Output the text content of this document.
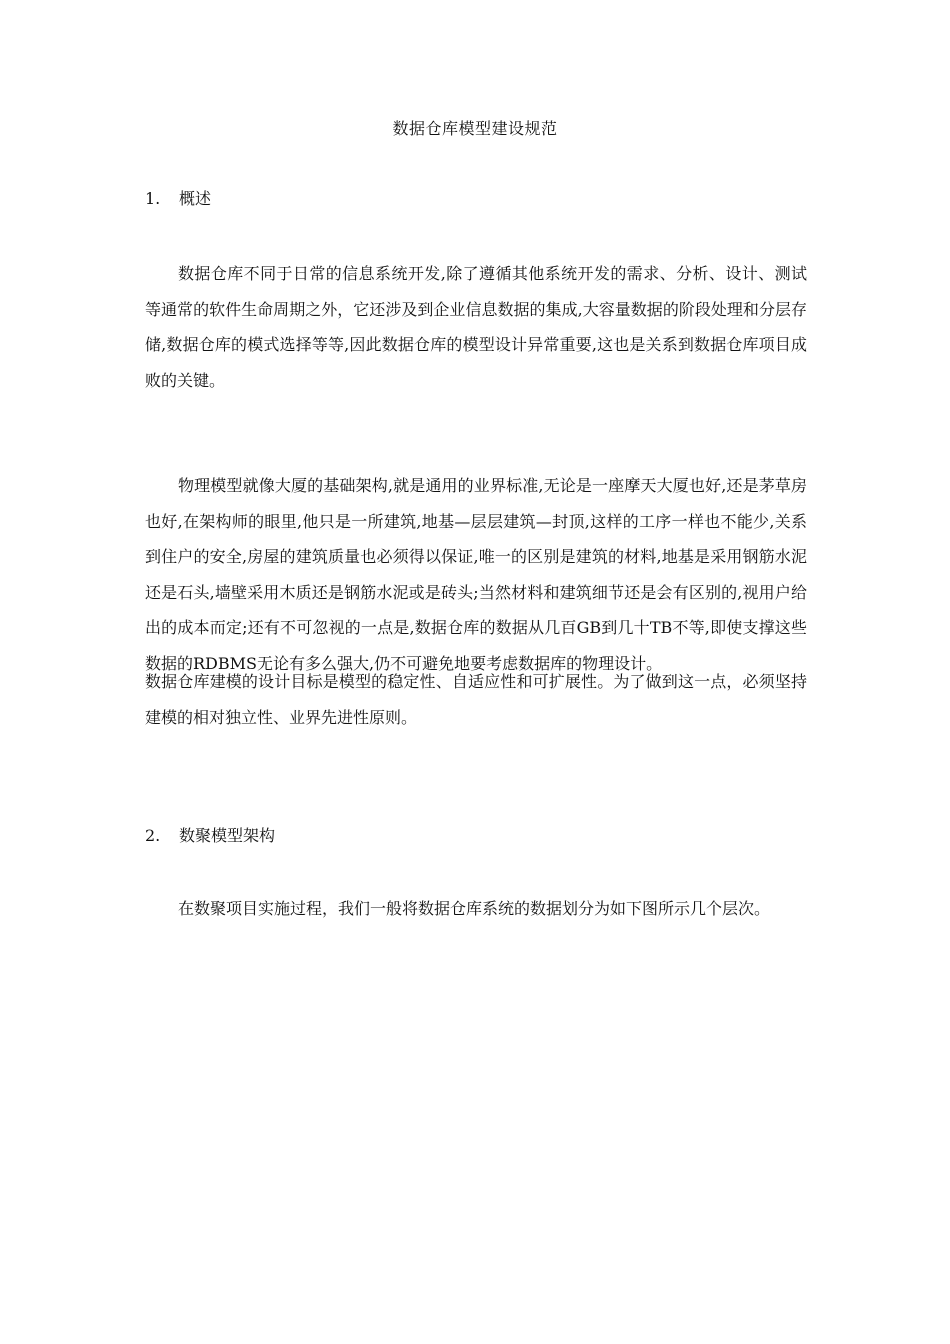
数据仓库模型建设规范
1. 概述

数据仓库不同于日常的信息系统开发,除了遵循其他系统开发的需求、分析、设计、测试等通常的软件生命周期之外，它还涉及到企业信息数据的集成,大容量数据的阶段处理和分层存储,数据仓库的模式选择等等,因此数据仓库的模型设计异常重要,这也是关系到数据仓库项目成败的关键。

物理模型就像大厦的基础架构,就是通用的业界标准,无论是一座摩天大厦也好,还是茅草房也好,在架构师的眼里,他只是一所建筑,地基—层层建筑—封顶,这样的工序一样也不能少,关系到住户的安全,房屋的建筑质量也必须得以保证,唯一的区别是建筑的材料,地基是采用钢筋水泥还是石头,墙壁采用木质还是钢筋水泥或是砖头;当然材料和建筑细节还是会有区别的,视用户给出的成本而定;还有不可忽视的一点是,数据仓库的数据从几百GB到几十TB不等,即使支撑这些数据的RDBMS无论有多么强大,仍不可避免地要考虑数据库的物理设计。

数据仓库建模的设计目标是模型的稳定性、自适应性和可扩展性。为了做到这一点，必须坚持建模的相对独立性、业界先进性原则。

2. 数聚模型架构

在数聚项目实施过程，我们一般将数据仓库系统的数据划分为如下图所示几个层次。
